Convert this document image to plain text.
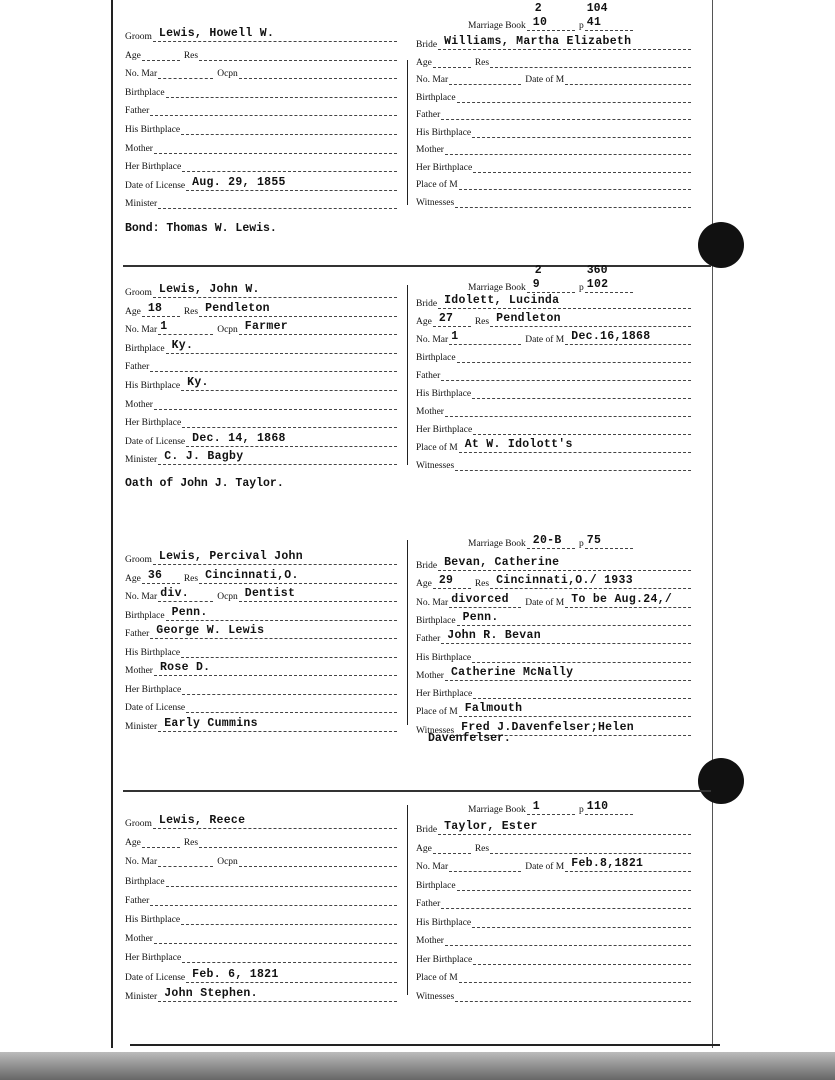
Marriage Book 10
2
p 41
104
Groom Lewis, Howell W.
Age	Res
No. Mar	Ocpn
Birthplace
Father
His Birthplace
Mother
Her Birthplace
Date of License Aug. 29, 1855
Minister
Bride Williams, Martha Elizabeth
Age	Res
No. Mar	Date of M
Birthplace
Father
His Birthplace
Mother
Her Birthplace
Place of M
Witnesses
Bond: Thomas W. Lewis.
Marriage Book 9
2
p 102
360
Groom Lewis, John W.
Age 18 Res Pendleton
No. Mar 1	Ocpn Farmer
Birthplace Ky.
Father
His Birthplace Ky.
Mother
Her Birthplace
Date of License Dec. 14, 1868
Minister C. J. Bagby
Bride Idolett, Lucinda
Age 27 Res Pendleton
No. Mar 1	Date of M Dec.16,1868
Birthplace
Father
His Birthplace
Mother
Her Birthplace
Place of M At W. Idolott's
Witnesses
Oath of John J. Taylor.
Marriage Book 20-B p 75
Groom Lewis, Percival John
Age 36 Res Cincinnati,O.
No. Mar div.	Ocpn Dentist
Birthplace Penn.
Father George W. Lewis
His Birthplace
Mother Rose D.
Her Birthplace
Date of License
Minister Early Cummins
Bride Bevan, Catherine
Age 29 Res Cincinnati,O./ 1933
No. Mar divorced Date of M To be Aug.24,/
Birthplace Penn.
Father John R. Bevan
His Birthplace
Mother Catherine McNally
Her Birthplace
Place of M Falmouth
Witnesses Fred J.Davenfelser;Helen
Davenfelser.
Marriage Book 1	p 110
Groom Lewis, Reece
Age	Res
No. Mar	Ocpn
Birthplace
Father
His Birthplace
Mother
Her Birthplace
Date of License Feb. 6, 1821
Minister John Stephen.
Bride Taylor, Ester
Age	Res
No. Mar	Date of M Feb.8,1821
Birthplace
Father
His Birthplace
Mother
Her Birthplace
Place of M
Witnesses
